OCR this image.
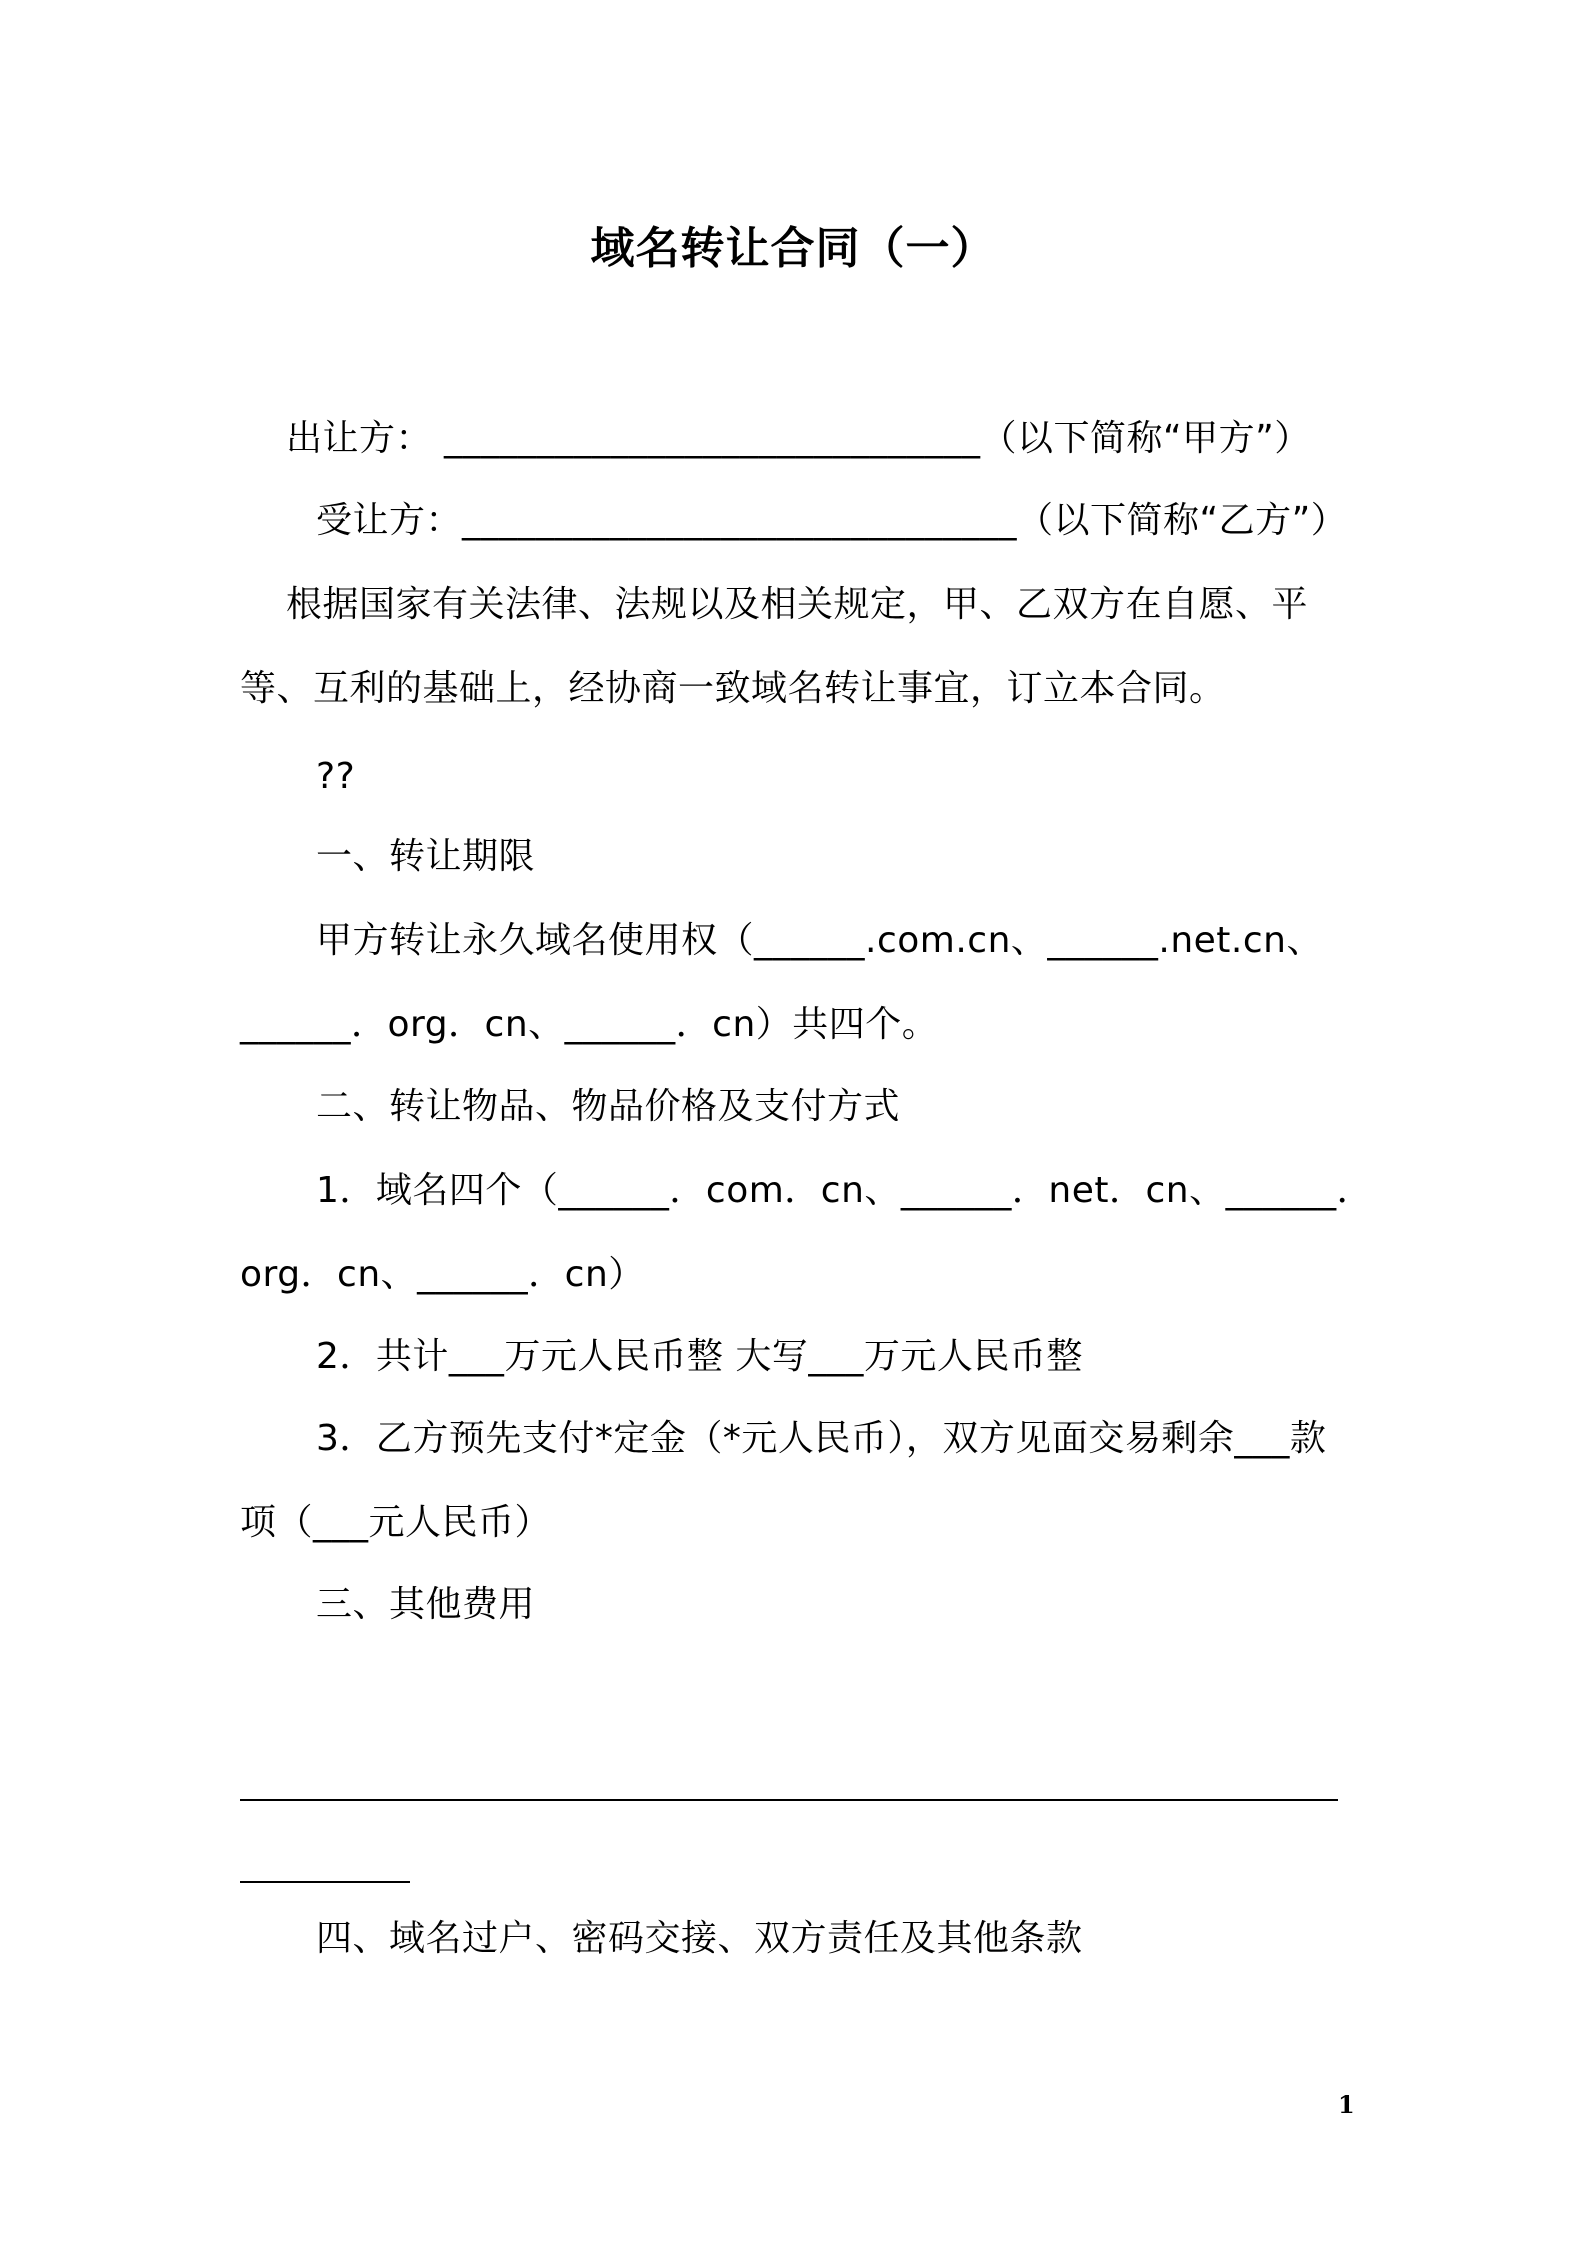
域名转让合同（一）
出让方： _____________________________（以下简称“甲方”）
受让方：______________________________（以下简称“乙方”）
根据国家有关法律、法规以及相关规定，甲、乙双方在自愿、平
等、互利的基础上，经协商一致域名转让事宜，订立本合同。
??
一、转让期限
甲方转让永久域名使用权（______.com.cn、______.net.cn、
______．org．cn、______．cn）共四个。
二、转让物品、物品价格及支付方式
1．域名四个（______．com．cn、______．net．cn、______．
org．cn、______．cn）
2．共计___万元人民币整 大写___万元人民币整
3．乙方预先支付*定金（*元人民币），双方见面交易剩余___款
项（___元人民币）
三、其他费用
四、域名过户、密码交接、双方责任及其他条款
1
